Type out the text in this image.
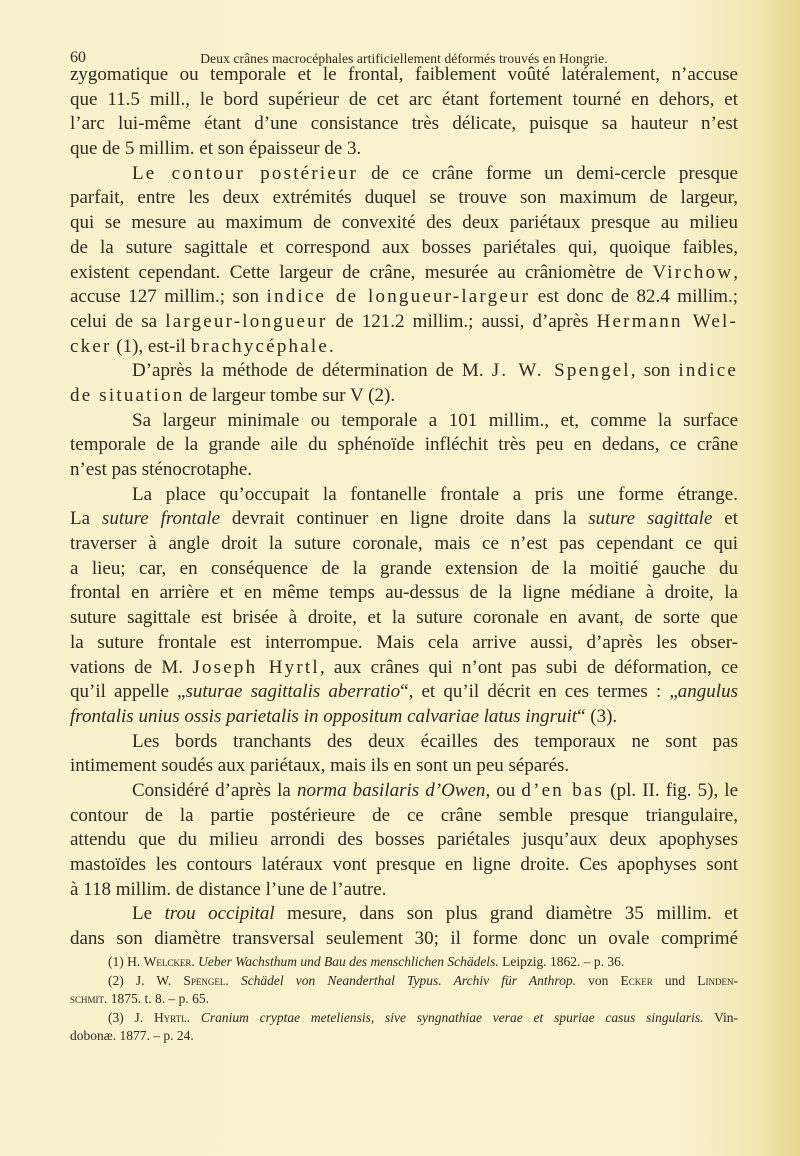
60	Deux crânes macrocéphales artificiellement déformés trouvés en Hongrie.
zygomatique ou temporale et le frontal, faiblement voûté latéralement, n’accuse
que 11.5 mill., le bord supérieur de cet arc étant fortement tourné en dehors, et
l’arc lui-même étant d’une consistance très délicate, puisque sa hauteur n’est
que de 5 millim. et son épaisseur de 3.
Le contour postérieur de ce crâne forme un demi-cercle presque
parfait, entre les deux extrémités duquel se trouve son maximum de largeur,
qui se mesure au maximum de convexité des deux pariétaux presque au milieu
de la suture sagittale et correspond aux bosses pariétales qui, quoique faibles,
existent cependant. Cette largeur de crâne, mesurée au crâniomètre de Virchow,
accuse 127 millim.; son indice de longueur-largeur est donc de 82.4 millim.;
celui de sa largeur-longueur de 121.2 millim.; aussi, d’après Hermann Wel-
cker (1), est-il brachycéphale.
D’après la méthode de détermination de M. J. W. Spengel, son indice
de situation de largeur tombe sur V (2).
Sa largeur minimale ou temporale a 101 millim., et, comme la surface
temporale de la grande aile du sphénoïde infléchit très peu en dedans, ce crâne
n’est pas sténocrotaphe.
La place qu’occupait la fontanelle frontale a pris une forme étrange.
La suture frontale devrait continuer en ligne droite dans la suture sagittale et
traverser à angle droit la suture coronale, mais ce n’est pas cependant ce qui
a lieu; car, en conséquence de la grande extension de la moitié gauche du
frontal en arrière et en même temps au-dessus de la ligne médiane à droite, la
suture sagittale est brisée à droite, et la suture coronale en avant, de sorte que
la suture frontale est interrompue. Mais cela arrive aussi, d’après les obser-
vations de M. Joseph Hyrtl, aux crânes qui n’ont pas subi de déformation, ce
qu’il appelle „suturae sagittalis aberratio“, et qu’il décrit en ces termes : „angulus
frontalis unius ossis parietalis in oppositum calvariae latus ingruit“ (3).
Les bords tranchants des deux écailles des temporaux ne sont pas
intimement soudés aux pariétaux, mais ils en sont un peu séparés.
Considéré d’après la norma basilaris d’Owen, ou d’en bas (pl. II. fig. 5), le
contour de la partie postérieure de ce crâne semble presque triangulaire,
attendu que du milieu arrondi des bosses pariétales jusqu’aux deux apophyses
mastoïdes les contours latéraux vont presque en ligne droite. Ces apophyses sont
à 118 millim. de distance l’une de l’autre.
Le trou occipital mesure, dans son plus grand diamètre 35 millim. et
dans son diamètre transversal seulement 30; il forme donc un ovale comprimé
(1) H. Welcker. Ueber Wachsthum und Bau des menschlichen Schädels. Leipzig. 1862. – p. 36.
(2) J. W. Spengel. Schädel von Neanderthal Typus. Archiv für Anthrop. von Ecker und Linden-
schmit. 1875. t. 8. – p. 65.
(3) J. Hyrtl. Cranium cryptae metеliensis, sive syngnathiae verae et spuriae casus singularis. Vin-
dobonæ. 1877. – p. 24.
